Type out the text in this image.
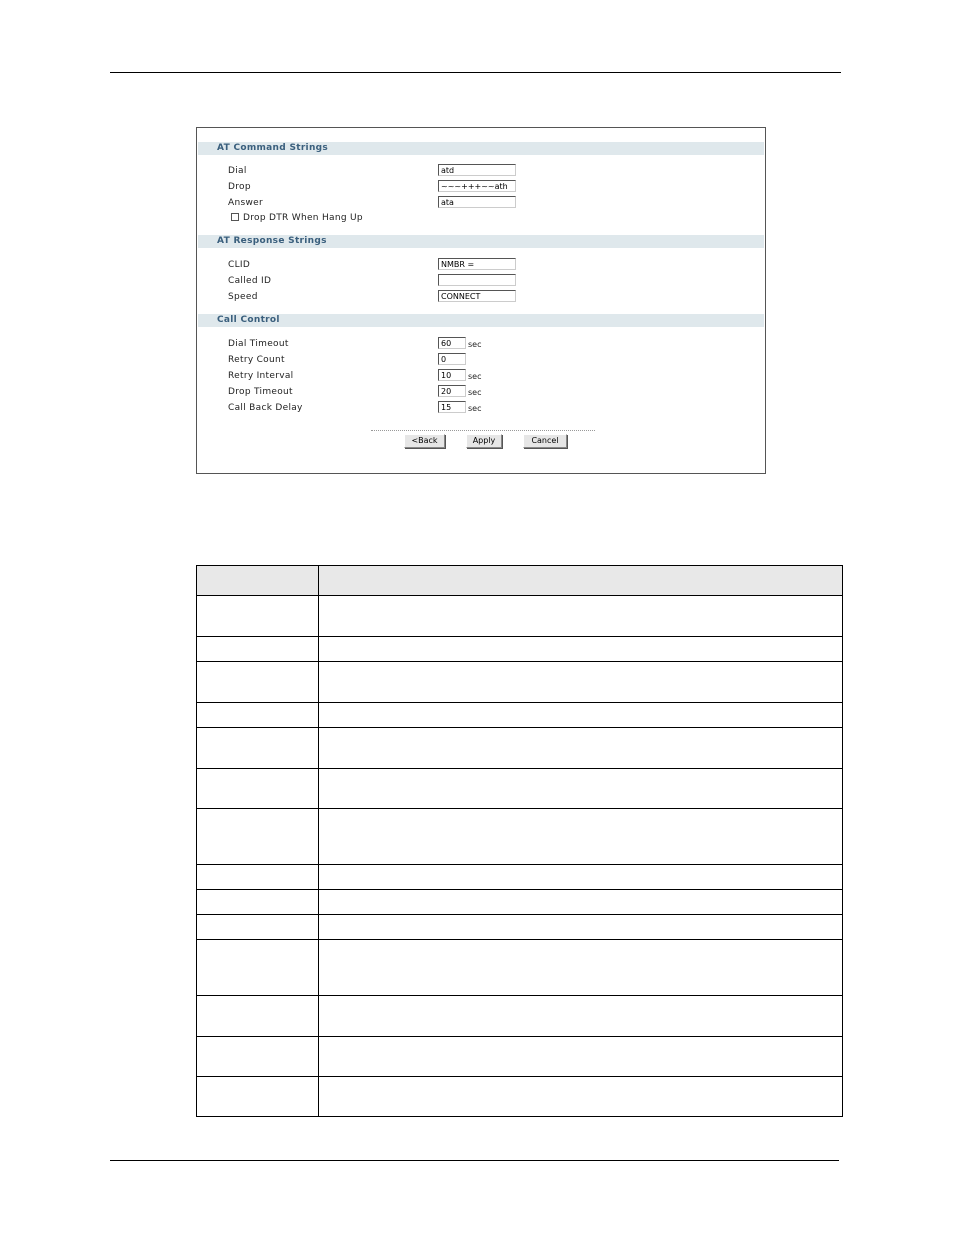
AT Command Strings
Dial	atd
Drop	~~~+++~~ath
Answer	ata
Drop DTR When Hang Up
AT Response Strings
CLID	NMBR =
Called ID
Speed	CONNECT
Call Control
Dial Timeout	60	sec
Retry Count	0
Retry Interval	10	sec
Drop Timeout	20	sec
Call Back Delay	15	sec
<Back	Apply	Cancel
